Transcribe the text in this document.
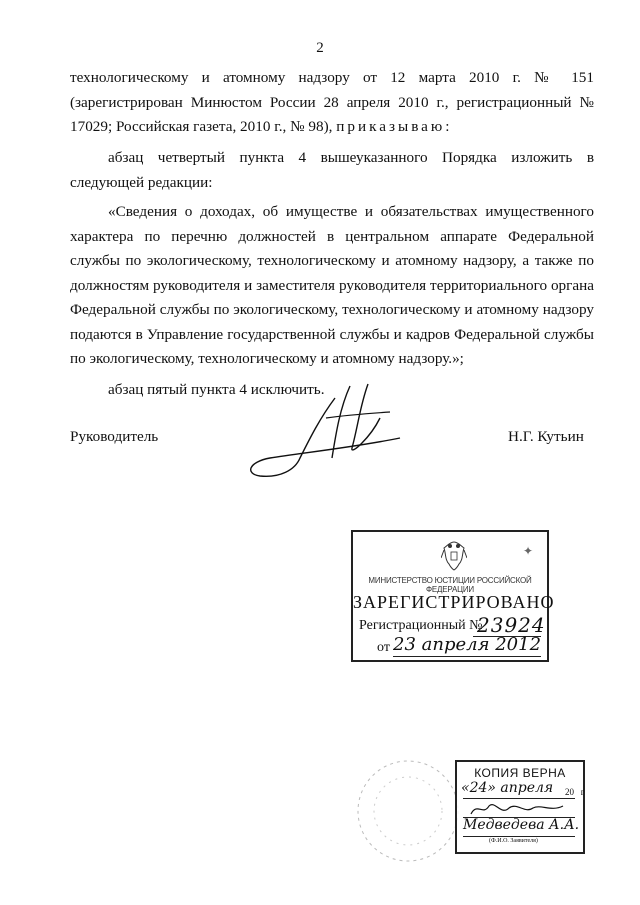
2
технологическому и атомному надзору от 12 марта 2010 г. № 151 (зарегистрирован Минюстом России 28 апреля 2010 г., регистрационный № 17029; Российская газета, 2010 г., № 98), приказываю:
абзац четвертый пункта 4 вышеуказанного Порядка изложить в следующей редакции:
«Сведения о доходах, об имуществе и обязательствах имущественного характера по перечню должностей в центральном аппарате Федеральной службы по экологическому, технологическому и атомному надзору, а также по должностям руководителя и заместителя руководителя территориального органа Федеральной службы по экологическому, технологическому и атомному надзору подаются в Управление государственной службы и кадров Федеральной службы по экологическому, технологическому и атомному надзору.»;
абзац пятый пункта 4 исключить.
Руководитель	Н.Г. Кутьин
✦
МИНИСТЕРСТВО ЮСТИЦИИ РОССИЙСКОЙ ФЕДЕРАЦИИ
ЗАРЕГИСТРИРОВАНО
Регистрационный №
23924
от 23 апреля 2012
КОПИЯ ВЕРНА
«24» апреля 20 г
Медведева А.А.
(Ф.И.О. Заявителя)
